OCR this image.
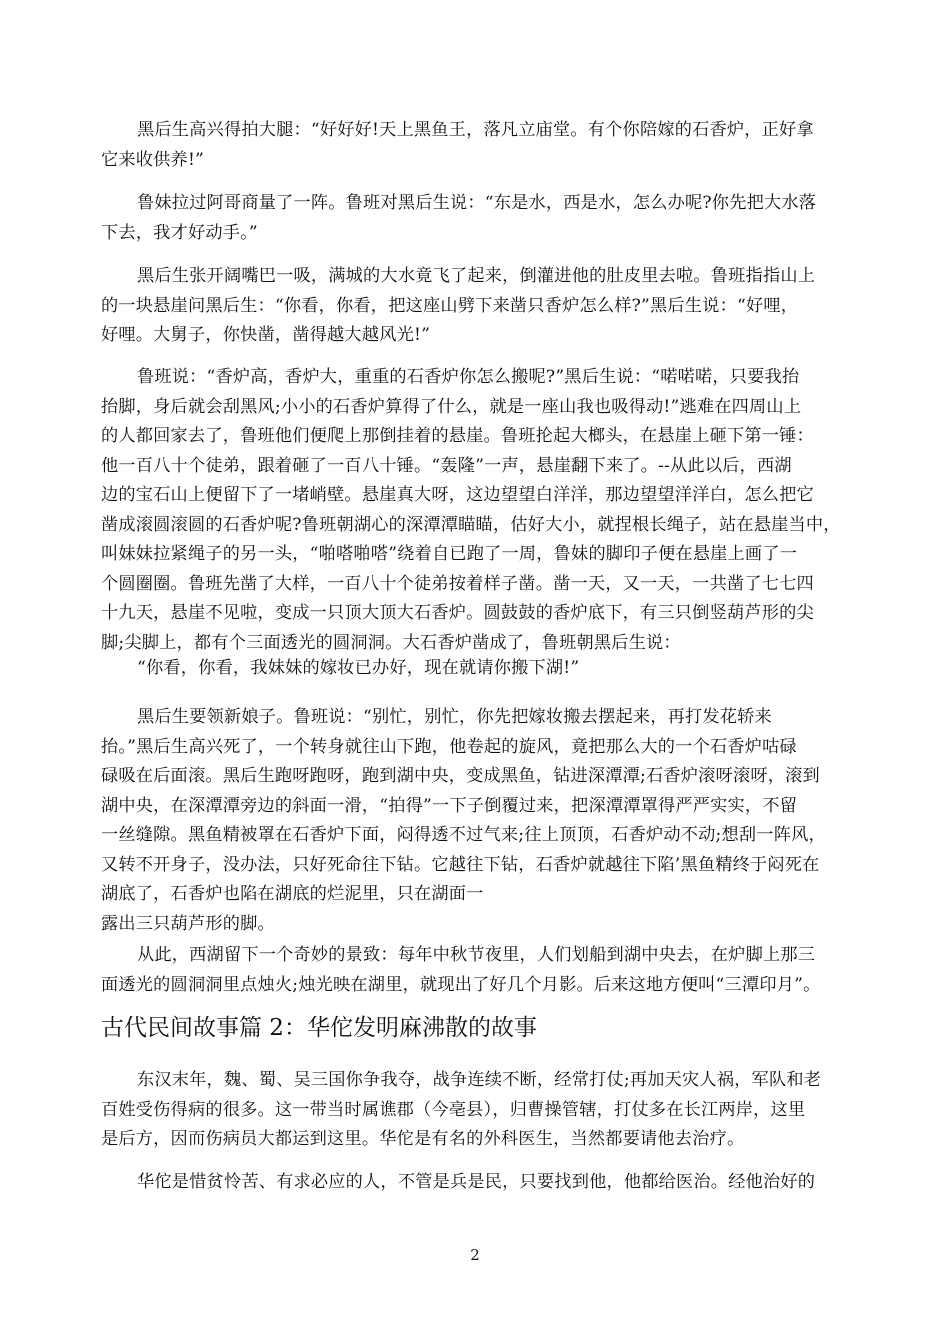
黑后生高兴得拍大腿：“好好好!天上黑鱼王，落凡立庙堂。有个你陪嫁的石香炉，正好拿
它来收供养!”
鲁妹拉过阿哥商量了一阵。鲁班对黑后生说：“东是水，西是水，怎么办呢?你先把大水落
下去，我才好动手。”
黑后生张开阔嘴巴一吸，满城的大水竟飞了起来，倒灌进他的肚皮里去啦。鲁班指指山上
的一块悬崖问黑后生：“你看，你看，把这座山劈下来凿只香炉怎么样?”黑后生说：“好哩，
好哩。大舅子，你快凿，凿得越大越风光!”
鲁班说：“香炉高，香炉大，重重的石香炉你怎么搬呢?”黑后生说：“喏喏喏，只要我抬
抬脚，身后就会刮黑风;小小的石香炉算得了什么，就是一座山我也吸得动!”逃难在四周山上
的人都回家去了，鲁班他们便爬上那倒挂着的悬崖。鲁班抡起大榔头，在悬崖上砸下第一锤：
他一百八十个徒弟，跟着砸了一百八十锤。“轰隆”一声，悬崖翻下来了。--从此以后，西湖
边的宝石山上便留下了一堵峭壁。悬崖真大呀，这边望望白洋洋，那边望望洋洋白，怎么把它
凿成滚圆滚圆的石香炉呢?鲁班朝湖心的深潭潭瞄瞄，估好大小，就捏根长绳子，站在悬崖当中，
叫妹妹拉紧绳子的另一头，“啪嗒啪嗒”绕着自已跑了一周，鲁妹的脚印子便在悬崖上画了一
个圆圈圈。鲁班先凿了大样，一百八十个徒弟按着样子凿。凿一天，又一天，一共凿了七七四
十九天，悬崖不见啦，变成一只顶大顶大石香炉。圆鼓鼓的香炉底下，有三只倒竖葫芦形的尖
脚;尖脚上，都有个三面透光的圆洞洞。大石香炉凿成了，鲁班朝黑后生说：
“你看，你看，我妹妹的嫁妆已办好，现在就请你搬下湖!”
黑后生要领新娘子。鲁班说：“别忙，别忙，你先把嫁妆搬去摆起来，再打发花轿来
抬。”黑后生高兴死了，一个转身就往山下跑，他卷起的旋风，竟把那么大的一个石香炉咕碌
碌吸在后面滚。黑后生跑呀跑呀，跑到湖中央，变成黑鱼，钻进深潭潭;石香炉滚呀滚呀，滚到
湖中央，在深潭潭旁边的斜面一滑，“拍得”一下子倒覆过来，把深潭潭罩得严严实实，不留
一丝缝隙。黑鱼精被罩在石香炉下面，闷得透不过气来;往上顶顶，石香炉动不动;想刮一阵风，
又转不开身子，没办法，只好死命往下钻。它越往下钻，石香炉就越往下陷’黑鱼精终于闷死在
湖底了，石香炉也陷在湖底的烂泥里，只在湖面一
露出三只葫芦形的脚。
从此，西湖留下一个奇妙的景致：每年中秋节夜里，人们划船到湖中央去，在炉脚上那三
面透光的圆洞洞里点烛火;烛光映在湖里，就现出了好几个月影。后来这地方便叫“三潭印月”。
古代民间故事篇 2：华佗发明麻沸散的故事
东汉末年，魏、蜀、吴三国你争我夺，战争连续不断，经常打仗;再加天灾人祸，军队和老
百姓受伤得病的很多。这一带当时属谯郡（今亳县），归曹操管辖，打仗多在长江两岸，这里
是后方，因而伤病员大都运到这里。华佗是有名的外科医生，当然都要请他去治疗。
华佗是惜贫怜苦、有求必应的人，不管是兵是民，只要找到他，他都给医治。经他治好的
2
